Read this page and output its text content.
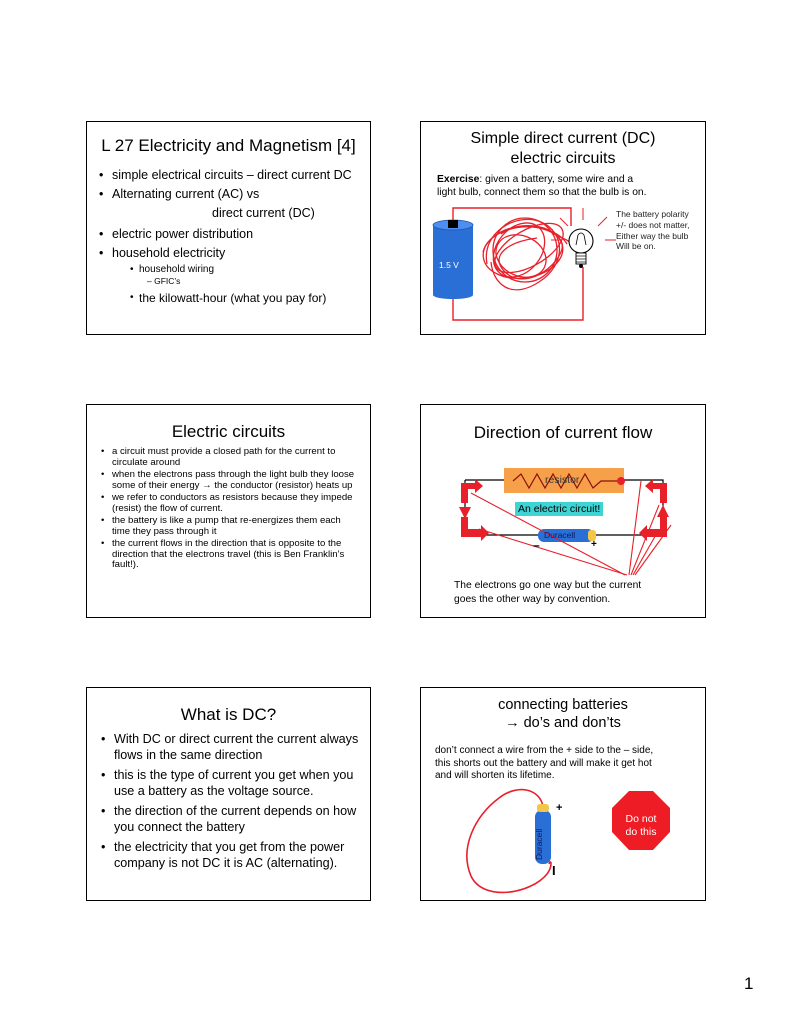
L 27 Electricity and Magnetism [4]
• simple electrical circuits – direct current DC
• Alternating current (AC) vs
direct current (DC)
• electric power distribution
• household electricity
• household wiring
– GFIC’s
• the kilowatt-hour (what you pay for)
Simple direct current (DC)
electric circuits
Exercise: given a battery, some wire and a
light bulb, connect them so that the bulb is on.
1.5 V
The battery polarity
+/- does not matter,
Either way the bulb
Will be on.
Electric circuits
• a circuit must provide a closed path for the current to circulate around
• when the electrons pass through the light bulb they loose some of their energy → the conductor (resistor) heats up
• we refer to conductors as resistors because they impede (resist) the flow of current.
• the battery is like a pump that re-energizes them each time they pass through it
• the current flows in the direction that is opposite to the direction that the electrons travel (this is Ben Franklin’s fault!).
Direction of current flow
resistor
An electric circuit!
Duracell
–	+
The electrons go one way but the current
goes the other way by convention.
What is DC?
• With DC or direct current the current always flows in the same direction
• this is the type of current you get when you use a battery as the voltage source.
• the direction of the current depends on how you connect the battery
• the electricity that you get from the power company is not DC it is AC (alternating).
connecting batteries
→ do’s and don’ts
don’t connect a wire from the + side to the – side,
this shorts out the battery and will make it get hot
and will shorten its lifetime.
Duracell
+
I
Do not
do this
1
